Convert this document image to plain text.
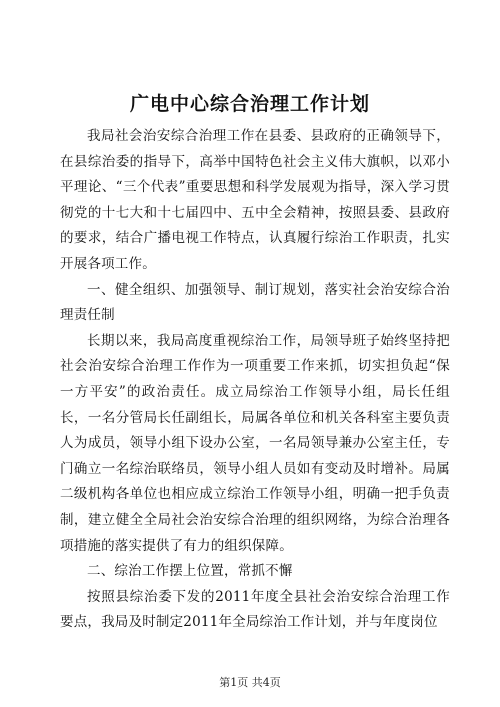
广电中心综合治理工作计划

我局社会治安综合治理工作在县委、县政府的正确领导下，在县综治委的指导下，高举中国特色社会主义伟大旗帜，以邓小平理论、“三个代表”重要思想和科学发展观为指导，深入学习贯彻党的十七大和十七届四中、五中全会精神，按照县委、县政府的要求，结合广播电视工作特点，认真履行综治工作职责，扎实开展各项工作。

一、健全组织、加强领导、制订规划，落实社会治安综合治理责任制

长期以来，我局高度重视综治工作，局领导班子始终坚持把社会治安综合治理工作作为一项重要工作来抓，切实担负起“保一方平安”的政治责任。成立局综治工作领导小组，局长任组长，一名分管局长任副组长，局属各单位和机关各科室主要负责人为成员，领导小组下设办公室，一名局领导兼办公室主任，专门确立一名综治联络员，领导小组人员如有变动及时增补。局属二级机构各单位也相应成立综治工作领导小组，明确一把手负责制，建立健全全局社会治安综合治理的组织网络，为综合治理各项措施的落实提供了有力的组织保障。

二、综治工作摆上位置，常抓不懈

按照县综治委下发的2011年度全县社会治安综合治理工作要点，我局及时制定2011年全局综治工作计划，并与年度岗位

第1页 共4页
